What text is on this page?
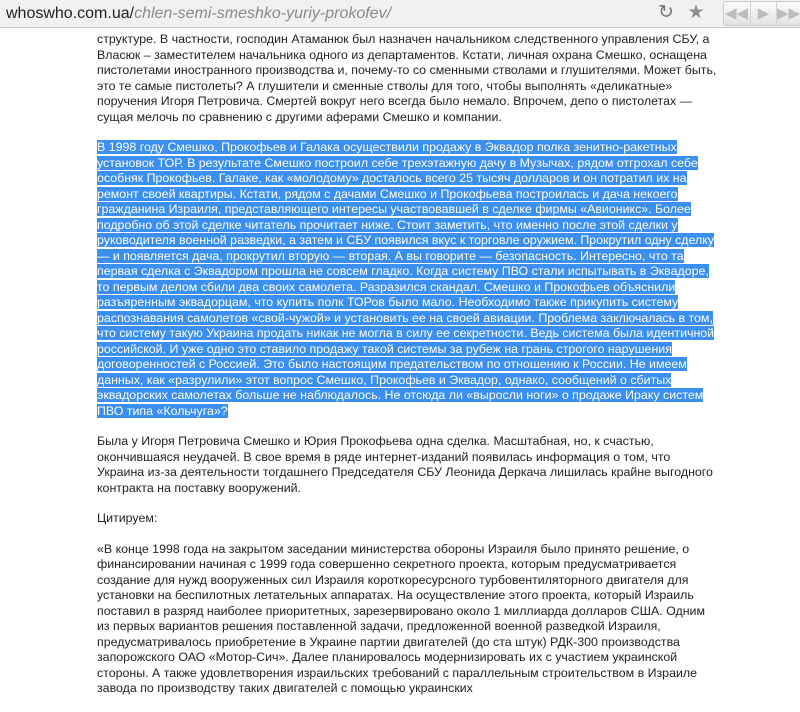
whoswho.com.ua/chlen-semi-smeshko-yuriy-prokofev/	↻ ★ ◀◀ ▶ ▶▶

структуре. В частности, господин Атаманюк был назначен начальником следственного управления СБУ, а Власюк – заместителем начальника одного из департаментов. Кстати, личная охрана Смешко, оснащена пистолетами иностранного производства и, почему-то со сменными стволами и глушителями. Может быть, это те самые пистолеты? А глушители и сменные стволы для того, чтобы выполнять «деликатные» поручения Игоря Петровича. Смертей вокруг него всегда было немало. Впрочем, депо о пистолетах — сущая мелочь по сравнению с другими аферами Смешко и компании.

В 1998 году Смешко, Прокофьев и Галака осуществили продажу в Эквадор полка зенитно-ракетных установок ТОР. В результате Смешко построил себе трехэтажную дачу в Музычах, рядом отгрохал себе особняк Прокофьев. Галаке, как «молодому» досталось всего 25 тысяч долларов и он потратил их на ремонт своей квартиры. Кстати, рядом с дачами Смешко и Прокофьева построилась и дача некоего гражданина Израиля, представляющего интересы участвовавшей в сделке фирмы «Авионикс». Более подробно об этой сделке читатель прочитает ниже. Стоит заметить, что именно после этой сделки у руководителя военной разведки, а затем и СБУ появился вкус к торговле оружием. Прокрутил одну сделку — и появляется дача, прокрутил вторую — вторая. А вы говорите — безопасность. Интересно, что та первая сделка с Эквадором прошла не совсем гладко. Когда систему ПВО стали испытывать в Эквадоре, то первым делом сбили два своих самолета. Разразился скандал. Смешко и Прокофьев объяснили разъяренным эквадорцам, что купить полк ТОРов было мало. Необходимо также прикупить систему распознавания самолетов «свой-чужой» и установить ее на своей авиации. Проблема заключалась в том, что систему такую Украина продать никак не могла в силу ее секретности. Ведь система была идентичной российской. И уже одно это ставило продажу такой системы за рубеж на грань строгого нарушения договоренностей с Россией. Это было настоящим предательством по отношению к России. Не имеем данных, как «разрулили» этот вопрос Смешко, Прокофьев и Эквадор, однако, сообщений о сбитых эквадорских самолетах больше не наблюдалось. Не отсюда ли «выросли ноги» о продаже Ираку систем ПВО типа «Кольчуга»?

Была у Игоря Петровича Смешко и Юрия Прокофьева одна сделка. Масштабная, но, к счастью, окончившаяся неудачей. В свое время в ряде интернет-изданий появилась информация о том, что Украина из-за деятельности тогдашнего Председателя СБУ Леонида Деркача лишилась крайне выгодного контракта на поставку вооружений.

Цитируем:

«В конце 1998 года на закрытом заседании министерства обороны Израиля было принято решение, о финансировании начиная с 1999 года совершенно секретного проекта, которым предусматривается создание для нужд вооруженных сил Израиля короткоресурсного турбовентиляторного двигателя для установки на беспилотных летательных аппаратах. На осуществление этого проекта, который Израиль поставил в разряд наиболее приоритетных, зарезервировано около 1 миллиарда долларов США. Одним из первых вариантов решения поставленной задачи, предложенной военной разведкой Израиля, предусматривалось приобретение в Украине партии двигателей (до ста штук) РДК-300 производства запорожского ОАО «Мотор-Сич». Далее планировалось модернизировать их с участием украинской стороны. А также удовлетворения израильских требований с параллельным строительством в Израиле завода по производству таких двигателей с помощью украинских
